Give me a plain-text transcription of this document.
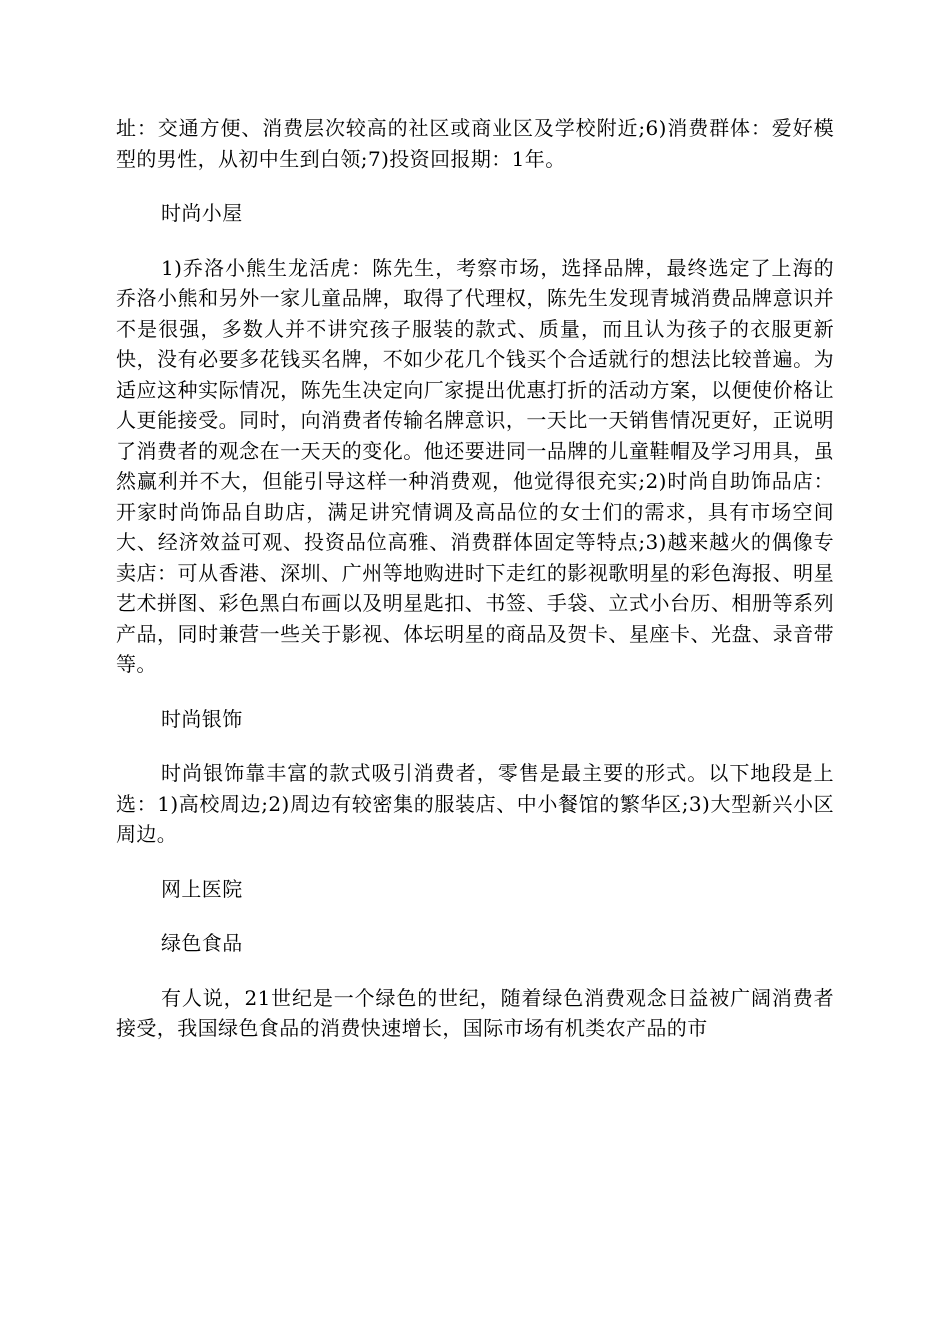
址：交通方便、消费层次较高的社区或商业区及学校附近;6)消费群体：爱好模型的男性，从初中生到白领;7)投资回报期：1年。

时尚小屋

1)乔洛小熊生龙活虎：陈先生，考察市场，选择品牌，最终选定了上海的乔洛小熊和另外一家儿童品牌，取得了代理权，陈先生发现青城消费品牌意识并不是很强，多数人并不讲究孩子服装的款式、质量，而且认为孩子的衣服更新快，没有必要多花钱买名牌，不如少花几个钱买个合适就行的想法比较普遍。为适应这种实际情况，陈先生决定向厂家提出优惠打折的活动方案，以便使价格让人更能接受。同时，向消费者传输名牌意识，一天比一天销售情况更好，正说明了消费者的观念在一天天的变化。他还要进同一品牌的儿童鞋帽及学习用具，虽然赢利并不大，但能引导这样一种消费观，他觉得很充实;2)时尚自助饰品店：开家时尚饰品自助店，满足讲究情调及高品位的女士们的需求，具有市场空间大、经济效益可观、投资品位高雅、消费群体固定等特点;3)越来越火的偶像专卖店：可从香港、深圳、广州等地购进时下走红的影视歌明星的彩色海报、明星艺术拼图、彩色黑白布画以及明星匙扣、书签、手袋、立式小台历、相册等系列产品，同时兼营一些关于影视、体坛明星的商品及贺卡、星座卡、光盘、录音带等。

时尚银饰

时尚银饰靠丰富的款式吸引消费者，零售是最主要的形式。以下地段是上选：1)高校周边;2)周边有较密集的服装店、中小餐馆的繁华区;3)大型新兴小区周边。

网上医院

绿色食品

有人说，21世纪是一个绿色的世纪，随着绿色消费观念日益被广阔消费者接受，我国绿色食品的消费快速增长，国际市场有机类农产品的市
